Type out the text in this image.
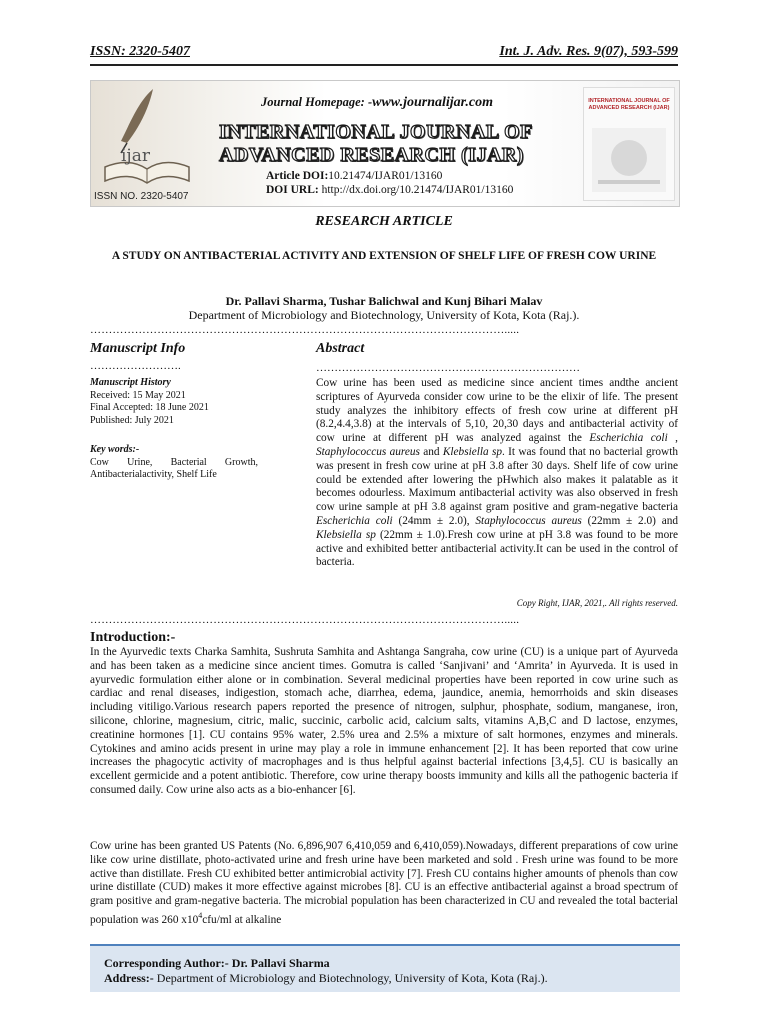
ISSN: 2320-5407	Int. J. Adv. Res. 9(07), 593-599
ijar
ISSN NO. 2320-5407
Journal Homepage: -www.journalijar.com
INTERNATIONAL JOURNAL OF
ADVANCED RESEARCH (IJAR)
Article DOI:10.21474/IJAR01/13160
DOI URL: http://dx.doi.org/10.21474/IJAR01/13160
INTERNATIONAL JOURNAL OF ADVANCED RESEARCH (IJAR)
RESEARCH ARTICLE
A STUDY ON ANTIBACTERIAL ACTIVITY AND EXTENSION OF SHELF LIFE OF FRESH COW URINE
Dr. Pallavi Sharma, Tushar Balichwal and Kunj Bihari Malav
Department of Microbiology and Biotechnology, University of Kota, Kota (Raj.).
………………………………………………………………………………………………….....
Manuscript Info
…………………….
Manuscript History
Received: 15 May 2021
Final Accepted: 18 June 2021
Published: July 2021
Key words:-
Cow Urine, Bacterial Growth, Antibacterialactivity, Shelf Life
Abstract
………………………………………………………………
Cow urine has been used as medicine since ancient times andthe ancient scriptures of Ayurveda consider cow urine to be the elixir of life. The present study analyzes the inhibitory effects of fresh cow urine at different pH (8.2,4.4,3.8) at the intervals of 5,10, 20,30 days and antibacterial activity of cow urine at different pH was analyzed against the Escherichia coli , Staphylococcus aureus and Klebsiella sp. It was found that no bacterial growth was present in fresh cow urine at pH 3.8 after 30 days. Shelf life of cow urine could be extended after lowering the pHwhich also makes it palatable as it becomes odourless. Maximum antibacterial activity was also observed in fresh cow urine sample at pH 3.8 against gram positive and gram-negative bacteria Escherichia coli (24mm ± 2.0), Staphylococcus aureus (22mm ± 2.0) and Klebsiella sp (22mm ± 1.0).Fresh cow urine at pH 3.8 was found to be more active and exhibited better antibacterial activity.It can be used in the control of bacteria.
Copy Right, IJAR, 2021,. All rights reserved.
………………………………………………………………………………………………….....
Introduction:-
In the Ayurvedic texts Charka Samhita, Sushruta Samhita and Ashtanga Sangraha, cow urine (CU) is a unique part of Ayurveda and has been taken as a medicine since ancient times. Gomutra is called ‘Sanjivani’ and ‘Amrita’ in Ayurveda. It is used in ayurvedic formulation either alone or in combination. Several medicinal properties have been reported in cow urine such as cardiac and renal diseases, indigestion, stomach ache, diarrhea, edema, jaundice, anemia, hemorrhoids and skin diseases including vitiligo.Various research papers reported the presence of nitrogen, sulphur, phosphate, sodium, manganese, iron, silicone, chlorine, magnesium, citric, malic, succinic, carbolic acid, calcium salts, vitamins A,B,C and D lactose, enzymes, creatinine hormones [1]. CU contains 95% water, 2.5% urea and 2.5% a mixture of salt hormones, enzymes and minerals. Cytokines and amino acids present in urine may play a role in immune enhancement [2]. It has been reported that cow urine increases the phagocytic activity of macrophages and is thus helpful against bacterial infections [3,4,5]. CU is basically an excellent germicide and a potent antibiotic. Therefore, cow urine therapy boosts immunity and kills all the pathogenic bacteria if consumed daily. Cow urine also acts as a bio-enhancer [6].
Cow urine has been granted US Patents (No. 6,896,907 6,410,059 and 6,410,059).Nowadays, different preparations of cow urine like cow urine distillate, photo-activated urine and fresh urine have been marketed and sold . Fresh urine was found to be more active than distillate. Fresh CU exhibited better antimicrobial activity [7]. Fresh CU contains higher amounts of phenols than cow urine distillate (CUD) makes it more effective against microbes [8]. CU is an effective antibacterial against a broad spectrum of gram positive and gram-negative bacteria. The microbial population has been characterized in CU and revealed the total bacterial population was 260 $x10^4cfu/ml$ at alkaline
Corresponding Author:- Dr. Pallavi Sharma
Address:- Department of Microbiology and Biotechnology, University of Kota, Kota (Raj.).
